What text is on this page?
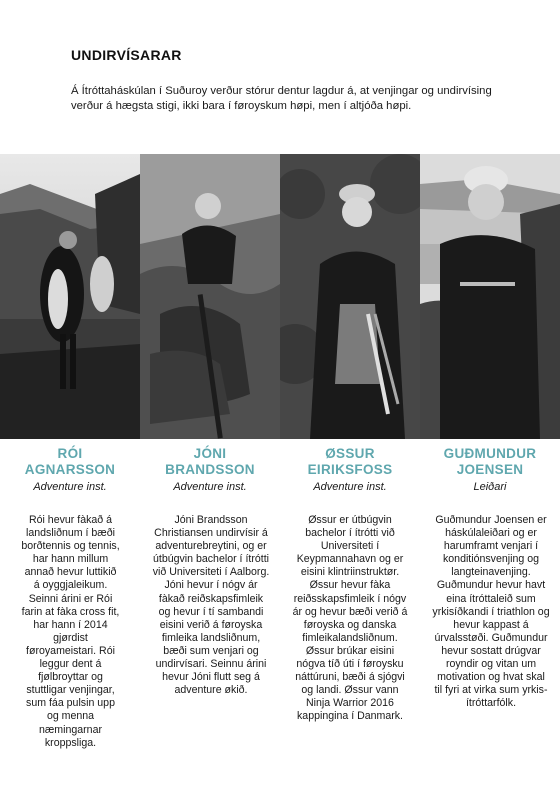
UNDIRVÍSARAR
Á Ítróttaháskúlan í Suðuroy verður stórur dentur lagdur á, at venjingar og undirvísing verður á hægsta stigi, ikki bara í føroyskum høpi, men í altjóða høpi.
RÓI
AGNARSSON
Adventure inst.
Rói hevur fàkað á landsliðnum í bæði borðtennis og tennis, har hann millum annað hevur luttikið á oyggjaleikum. Seinni árini er Rói farin at fàka cross fit, har hann í 2014 gjørdist føroyameistari. Rói leggur dent á fjølbroyttar og stuttligar venjingar, sum fáa pulsin upp og menna næmingarnar kroppsliga.
JÓNI
BRANDSSON
Adventure inst.
Jóni Brandsson Christiansen undirvísir á adventurebreytini, og er útbúgvin bachelor í ítrótti við Universiteti í Aalborg. Jóni hevur í nógv ár fàkað reiðskapsfimleik og hevur í tí sambandi eisini verið á føroyska fimleika landsliðnum, bæði sum venjari og undirvísari. Seinnu árini hevur Jóni flutt seg á adventure økið.
ØSSUR
EIRIKSFOSS
Adventure inst.
Øssur er útbúgvin bachelor í ítrótti við Universiteti í Keypmannahavn og er eisini klintriinstruktør. Øssur hevur fàka reiðsskapsfimleik í nógv ár og hevur bæði verið á føroyska og danska fimleikalandsliðnum. Øssur brúkar eisini nógva tíð úti í føroysku náttúruni, bæði á sjógvi og landi. Øssur vann Ninja Warrior 2016 kappingina í Danmark.
GUÐMUNDUR
JOENSEN
Leiðari
Guðmundur Joensen er háskúlaleiðari og er harumframt venjari í konditiónsvenjing og langteinavenjing. Guðmundur hevur havt eina ítróttaleið sum yrkisíðkandi í triathlon og hevur kappast á úrvalsstøði. Guðmundur hevur sostatt drúgvar royndir og vitan um motivation og hvat skal til fyri at virka sum yrkis-ítróttarfólk.
